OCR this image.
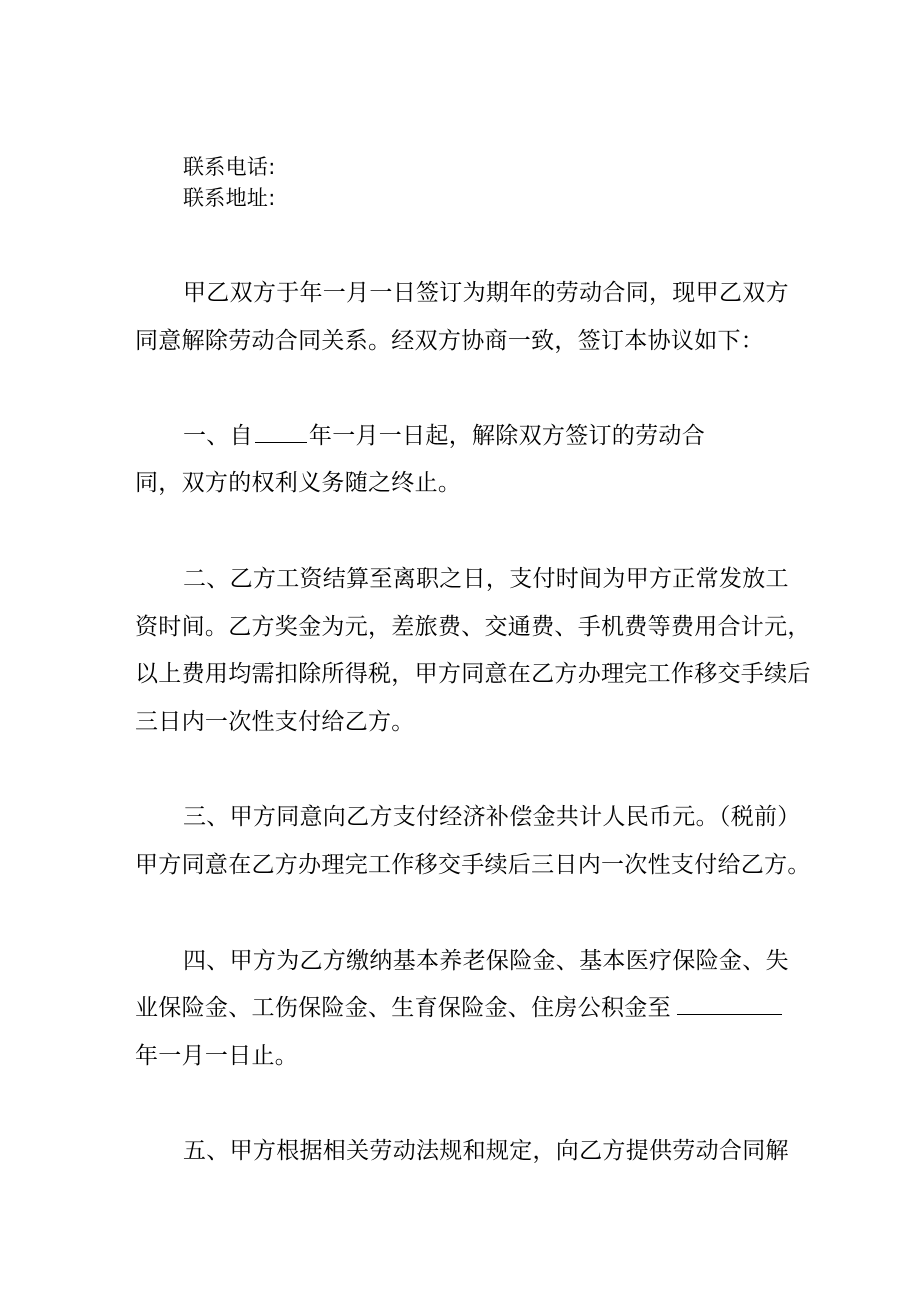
联系电话:
联系地址:
甲乙双方于年一月一日签订为期年的劳动合同，现甲乙双方
同意解除劳动合同关系。经双方协商一致，签订本协议如下：
一、自 年一月一日起，解除双方签订的劳动合
同，双方的权利义务随之终止。
二、乙方工资结算至离职之日，支付时间为甲方正常发放工
资时间。乙方奖金为元，差旅费、交通费、手机费等费用合计元，
以上费用均需扣除所得税，甲方同意在乙方办理完工作移交手续后
三日内一次性支付给乙方。
三、甲方同意向乙方支付经济补偿金共计人民币元。（税前）
甲方同意在乙方办理完工作移交手续后三日内一次性支付给乙方。
四、甲方为乙方缴纳基本养老保险金、基本医疗保险金、失
业保险金、工伤保险金、生育保险金、住房公积金至
年一月一日止。
五、甲方根据相关劳动法规和规定，向乙方提供劳动合同解
